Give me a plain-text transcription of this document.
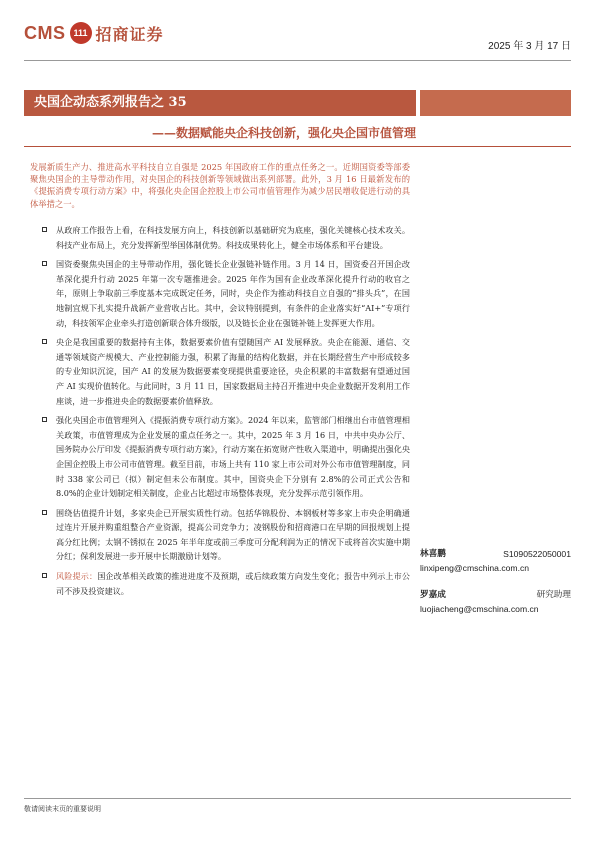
CMS 111 招商证券
2025 年 3 月 17 日
央国企动态系列报告之 35
——数据赋能央企科技创新，强化央企国市值管理
发展新质生产力、推进高水平科技自立自强是 2025 年国政府工作的重点任务之一。近期国资委等部委聚焦央国企的主导带动作用，对央国企的科技创新等领域做出系列部署。此外，3 月 16 日最新发布的《提振消费专项行动方案》中，将强化央企国企控股上市公司市值管理作为减少居民增收促进行动的具体举措之一。
从政府工作报告上看，在科技发展方向上，科技创新以基础研究为底座，强化关键核心技术攻关。科技产业布局上，充分发挥新型举国体制优势。科技成果转化上，健全市场体系和平台建设。
国资委聚焦央国企的主导带动作用，强化链长企业强链补链作用。3 月 14 日，国资委召开国企改革深化提升行动 2025 年第一次专题推进会。2025 年作为国有企业改革深化提升行动的收官之年，原则上争取前三季度基本完成既定任务，同时，央企作为推动科技自立自强的“排头兵”，在国地制宜规下扎实提升战新产业营收占比。其中，会议特别提到，有条件的企业落实好“AI+”专项行动，科技领军企业牵头打造创新联合体升级版，以及链长企业在强链补链上发挥更大作用。
央企是我国重要的数据持有主体，数据要素价值有望随国产 AI 发展释放。央企在能源、通信、交通等领域资产规模大、产业控制能力强，积累了海量的结构化数据，并在长期经营生产中形成较多的专业知识沉淀，国产 AI 的发展为数据要素变现提供重要途径，央企积累的丰富数据有望通过国产 AI 实现价值转化。与此同时，3 月 11 日，国家数据局主持召开推进中央企业数据开发利用工作座谈，进一步推进央企的数据要素价值释放。
强化央国企市值管理列入《提振消费专项行动方案》。2024 年以来，监管部门相继出台市值管理相关政策，市值管理成为企业发展的重点任务之一。其中，2025 年 3 月 16 日，中共中央办公厅、国务院办公厅印发《提振消费专项行动方案》，行动方案在拓宽财产性收入渠道中，明确提出强化央企国企控股上市公司市值管理。截至目前，市场上共有 110 家上市公司对外公布市值管理制度，同时 338 家公司已（拟）制定但未公布制度。其中，国资央企下分别有 2.8%的公司正式公告和 8.0%的企业计划制定相关制度，企业占比超过市场整体表现，充分发挥示范引领作用。
围绕估值提升计划，多家央企已开展实质性行动。包括华锦股份、本钢板材等多家上市央企明确通过连片开展并购重组整合产业资源，提高公司竞争力；凌钢股份和招商港口在早期的回报规划上提高分红比例；太钢不锈拟在 2025 年半年度或前三季度可分配利润为正的情况下或将首次实施中期分红；保利发展进一步开展中长期激励计划等。
风险提示：国企改革相关政策的推进进度不及预期，或后续政策方向发生变化；报告中列示上市公司不涉及投资建议。
林喜鹏	S1090522050001
linxipeng@cmschina.com.cn
罗嘉成	研究助理
luojiacheng@cmschina.com.cn
敬请阅读末页的重要说明
